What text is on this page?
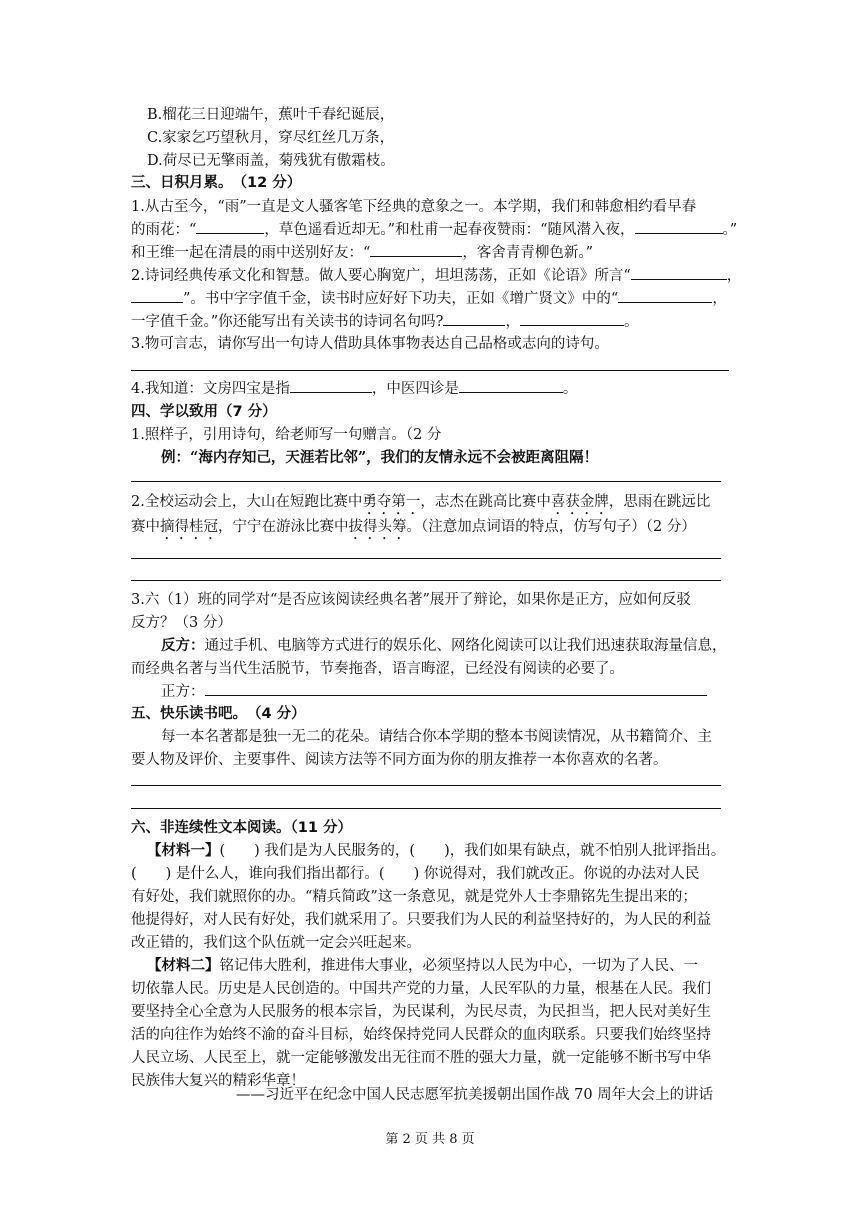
B.榴花三日迎端午，蕉叶千春纪诞辰，
C.家家乞巧望秋月，穿尽红丝几万条，
D.荷尽已无擎雨盖，菊残犹有傲霜枝。
三、日积月累。　（12 分）
1.从古至今，“雨”一直是文人骚客笔下经典的意象之一。本学期，我们和韩愈相约看早春
的雨花：“	，草色遥看近却无。”和杜甫一起春夜赞雨：“随风潜入夜，	。”
和王维一起在清晨的雨中送别好友：“	，客舍青青柳色新。”
2.诗词经典传承文化和智慧。做人要心胸宽广，坦坦荡荡，正如《论语》所言“	，
”。书中字字值千金，读书时应好好下功夫，正如《增广贤文》中的“	，
一字值千金。”你还能写出有关读书的诗词名句吗?	，	。
3.物可言志，请你写出一句诗人借助具体事物表达自己品格或志向的诗句。
4.我知道：文房四宝是指	，中医四诊是	。
四、学以致用（7 分）
1.照样子，引用诗句，给老师写一句赠言。（2 分
例：“海内存知己，天涯若比邻”，我们的友情永远不会被距离阻隔！
2.全校运动会上，大山在短跑比赛中勇夺第一，志杰在跳高比赛中喜获金牌，思雨在跳远比
赛中摘得桂冠，宁宁在游泳比赛中拔得头筹。（注意加点词语的特点，仿写句子）（2 分）
3.六（1）班的同学对“是否应该阅读经典名著”展开了辩论，如果你是正方，应如何反驳
反方？（3 分）
反方：通过手机、电脑等方式进行的娱乐化、网络化阅读可以让我们迅速获取海量信息，
而经典名著与当代生活脱节，节奏拖沓，语言晦涩，已经没有阅读的必要了。
正方：
五、快乐读书吧。　（4 分）
每一本名著都是独一无二的花朵。请结合你本学期的整本书阅读情况，从书籍简介、主
要人物及评价、主要事件、阅读方法等不同方面为你的朋友推荐一本你喜欢的名著。
六、非连续性文本阅读。（11 分）
【材料一】(　　) 我们是为人民服务的，(　　)，我们如果有缺点，就不怕别人批评指出。
(　　) 是什么人，谁向我们指出都行。(　　) 你说得对，我们就改正。你说的办法对人民
有好处，我们就照你的办。“精兵简政”这一条意见，就是党外人士李鼎铭先生提出来的；
他提得好，对人民有好处，我们就采用了。只要我们为人民的利益坚持好的，为人民的利益
改正错的，我们这个队伍就一定会兴旺起来。
【材料二】铭记伟大胜利，推进伟大事业，必须坚持以人民为中心，一切为了人民、一
切依靠人民。历史是人民创造的。中国共产党的力量，人民军队的力量，根基在人民。我们
要坚持全心全意为人民服务的根本宗旨，为民谋利，为民尽责，为民担当，把人民对美好生
活的向往作为始终不渝的奋斗目标，始终保持党同人民群众的血肉联系。只要我们始终坚持
人民立场、人民至上，就一定能够激发出无往而不胜的强大力量，就一定能够不断书写中华
民族伟大复兴的精彩华章！
——习近平在纪念中国人民志愿军抗美援朝出国作战 70 周年大会上的讲话
第 2 页 共 8 页
